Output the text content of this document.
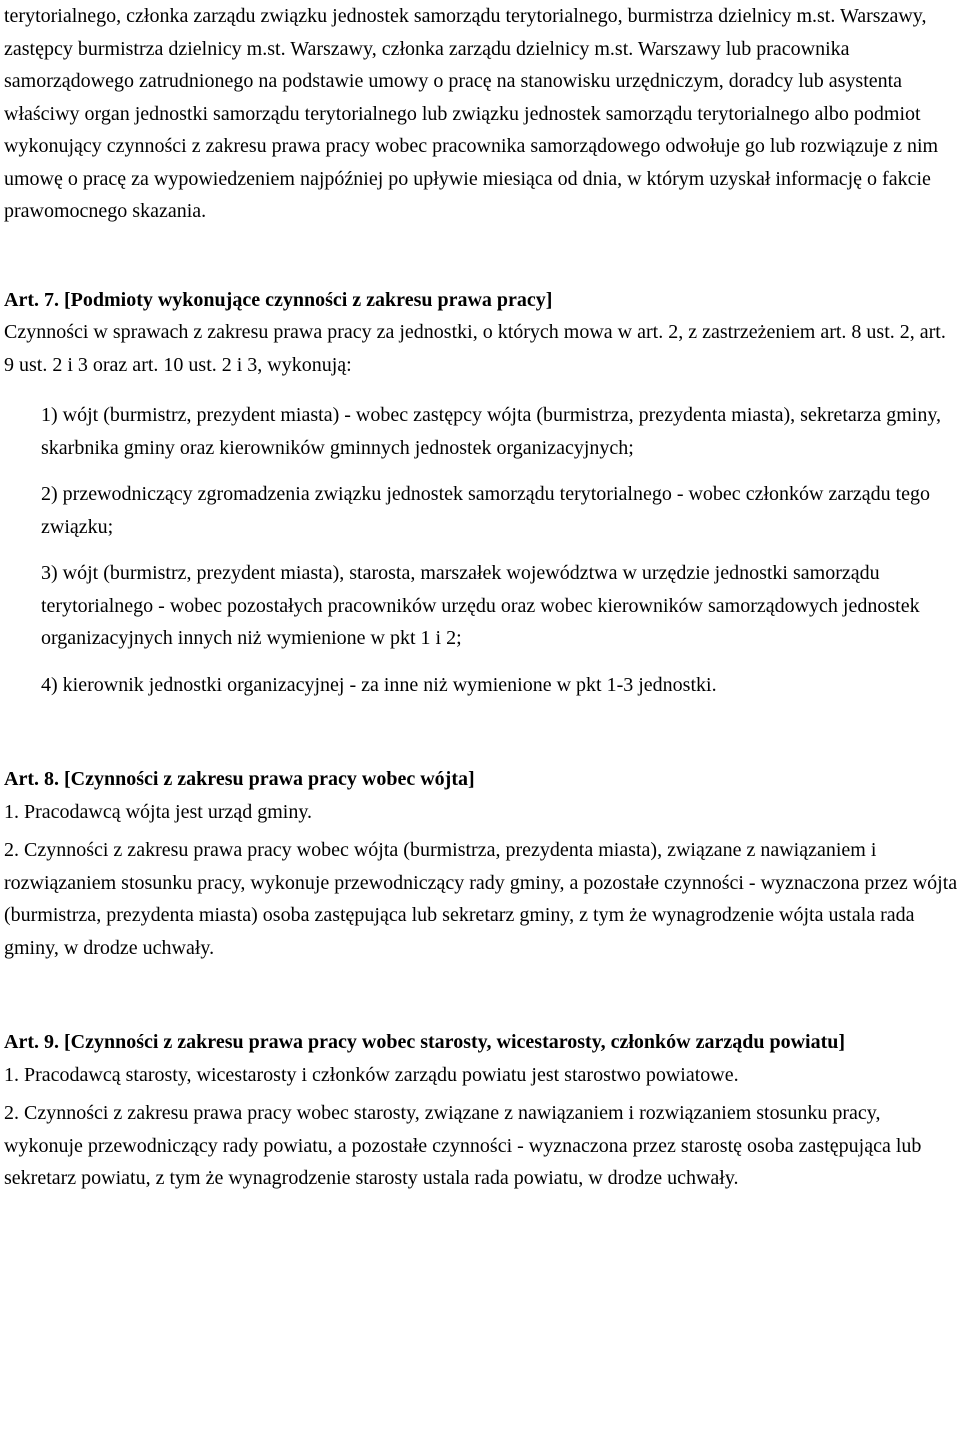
terytorialnego, członka zarządu związku jednostek samorządu terytorialnego, burmistrza dzielnicy m.st. Warszawy, zastępcy burmistrza dzielnicy m.st. Warszawy, członka zarządu dzielnicy m.st. Warszawy lub pracownika samorządowego zatrudnionego na podstawie umowy o pracę na stanowisku urzędniczym, doradcy lub asystenta właściwy organ jednostki samorządu terytorialnego lub związku jednostek samorządu terytorialnego albo podmiot wykonujący czynności z zakresu prawa pracy wobec pracownika samorządowego odwołuje go lub rozwiązuje z nim umowę o pracę za wypowiedzeniem najpóźniej po upływie miesiąca od dnia, w którym uzyskał informację o fakcie prawomocnego skazania.

Art. 7. [Podmioty wykonujące czynności z zakresu prawa pracy]

Czynności w sprawach z zakresu prawa pracy za jednostki, o których mowa w art. 2, z zastrzeżeniem art. 8 ust. 2, art. 9 ust. 2 i 3 oraz art. 10 ust. 2 i 3, wykonują:

1) wójt (burmistrz, prezydent miasta) - wobec zastępcy wójta (burmistrza, prezydenta miasta), sekretarza gminy, skarbnika gminy oraz kierowników gminnych jednostek organizacyjnych;

2) przewodniczący zgromadzenia związku jednostek samorządu terytorialnego - wobec członków zarządu tego związku;

3) wójt (burmistrz, prezydent miasta), starosta, marszałek województwa w urzędzie jednostki samorządu terytorialnego - wobec pozostałych pracowników urzędu oraz wobec kierowników samorządowych jednostek organizacyjnych innych niż wymienione w pkt 1 i 2;

4) kierownik jednostki organizacyjnej - za inne niż wymienione w pkt 1-3 jednostki.

Art. 8. [Czynności z zakresu prawa pracy wobec wójta]

1. Pracodawcą wójta jest urząd gminy.

2. Czynności z zakresu prawa pracy wobec wójta (burmistrza, prezydenta miasta), związane z nawiązaniem i rozwiązaniem stosunku pracy, wykonuje przewodniczący rady gminy, a pozostałe czynności - wyznaczona przez wójta (burmistrza, prezydenta miasta) osoba zastępująca lub sekretarz gminy, z tym że wynagrodzenie wójta ustala rada gminy, w drodze uchwały.

Art. 9. [Czynności z zakresu prawa pracy wobec starosty, wicestarosty, członków zarządu powiatu]

1. Pracodawcą starosty, wicestarosty i członków zarządu powiatu jest starostwo powiatowe.

2. Czynności z zakresu prawa pracy wobec starosty, związane z nawiązaniem i rozwiązaniem stosunku pracy, wykonuje przewodniczący rady powiatu, a pozostałe czynności - wyznaczona przez starostę osoba zastępująca lub sekretarz powiatu, z tym że wynagrodzenie starosty ustala rada powiatu, w drodze uchwały.
